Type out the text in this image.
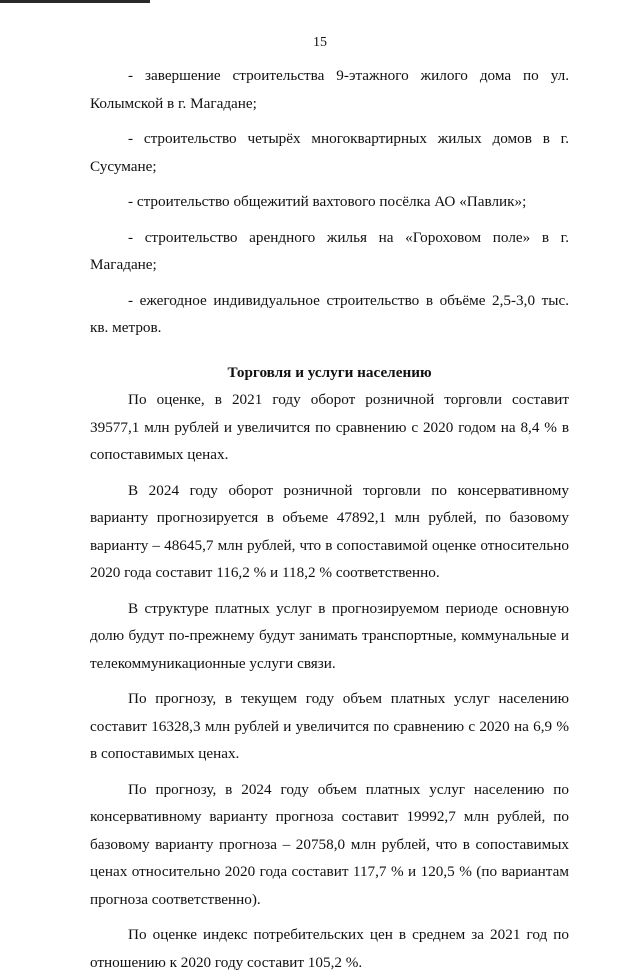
15

- завершение строительства 9-этажного жилого дома по ул. Колымской в г. Магадане;

- строительство четырёх многоквартирных жилых домов в г. Сусумане;

- строительство общежитий вахтового посёлка АО «Павлик»;

- строительство арендного жилья на «Гороховом поле» в г. Магадане;

- ежегодное индивидуальное строительство в объёме 2,5-3,0 тыс. кв. метров.

Торговля и услуги населению

По оценке, в 2021 году оборот розничной торговли составит 39577,1 млн рублей и увеличится по сравнению с 2020 годом на 8,4 % в сопоставимых ценах.

В 2024 году оборот розничной торговли по консервативному варианту прогнозируется в объеме 47892,1 млн рублей, по базовому варианту – 48645,7 млн рублей, что в сопоставимой оценке относительно 2020 года составит 116,2 % и 118,2 % соответственно.

В структуре платных услуг в прогнозируемом периоде основную долю будут по-прежнему будут занимать транспортные, коммунальные и телекоммуникационные услуги связи.

По прогнозу, в текущем году объем платных услуг населению составит 16328,3 млн рублей и увеличится по сравнению с 2020 на 6,9 % в сопоставимых ценах.

По прогнозу, в 2024 году объем платных услуг населению по консервативному варианту прогноза составит 19992,7 млн рублей, по базовому варианту прогноза – 20758,0 млн рублей, что в сопоставимых ценах относительно 2020 года составит 117,7 % и 120,5 % (по вариантам прогноза соответственно).

По оценке индекс потребительских цен в среднем за 2021 год по отношению к 2020 году составит 105,2 %.
